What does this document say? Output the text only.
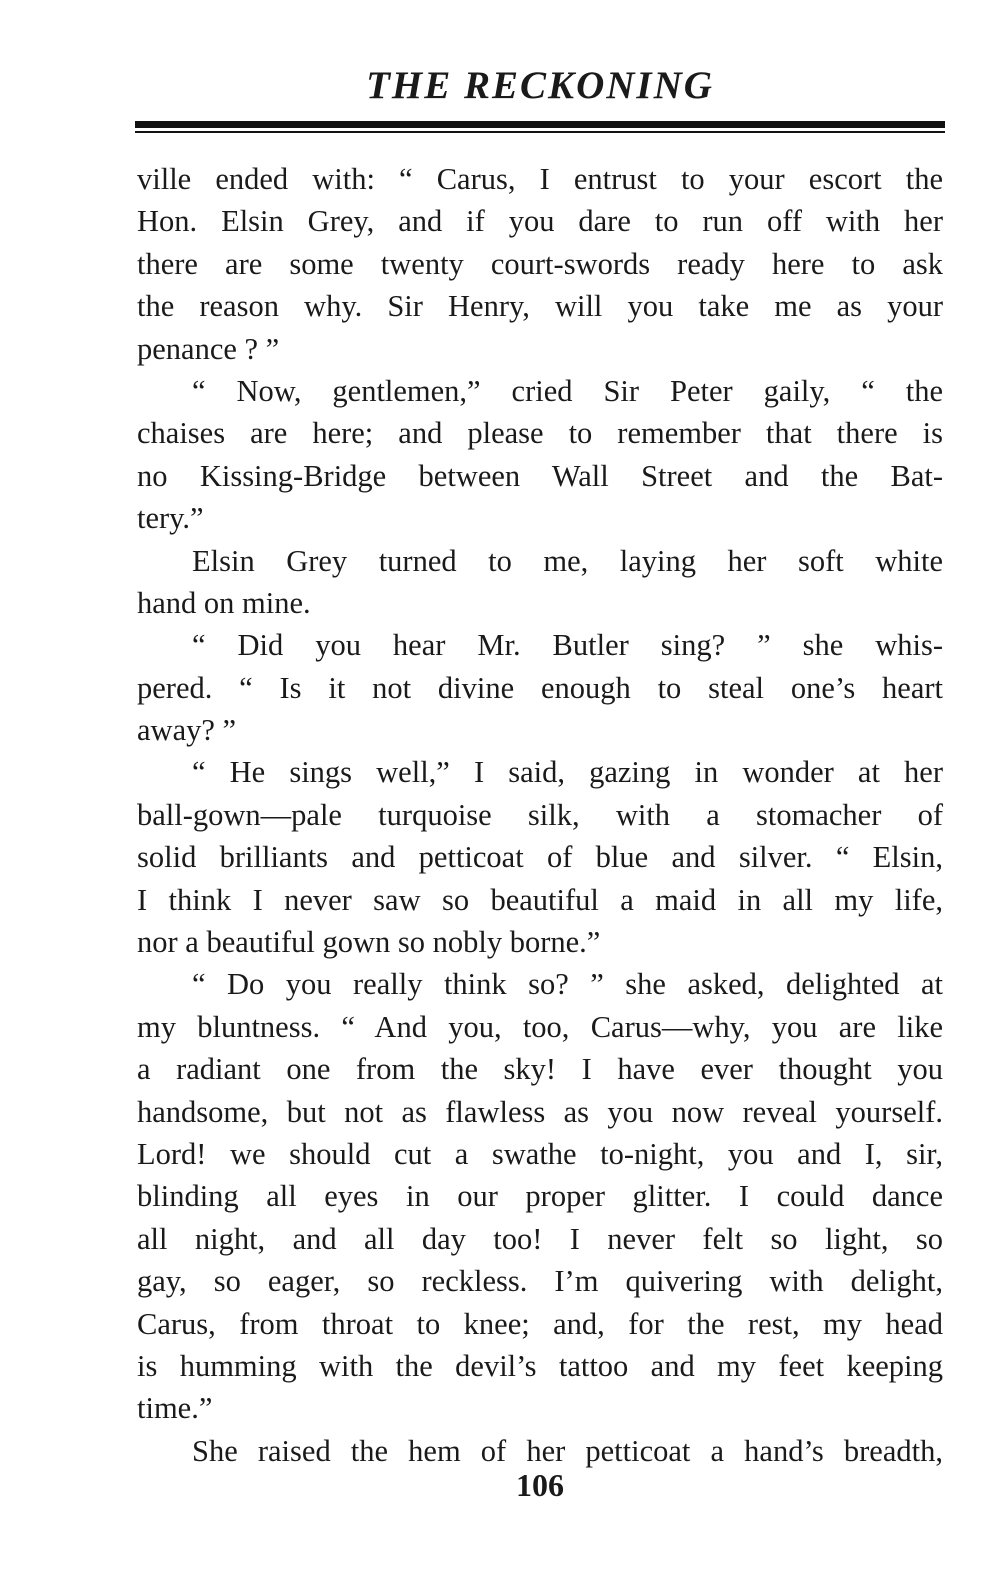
THE RECKONING
ville ended with: “ Carus, I entrust to your escort the
Hon. Elsin Grey, and if you dare to run off with her
there are some twenty court-swords ready here to ask
the reason why. Sir Henry, will you take me as your
penance ? ”
“ Now, gentlemen,” cried Sir Peter gaily, “ the
chaises are here; and please to remember that there is
no Kissing-Bridge between Wall Street and the Bat-
tery.”
Elsin Grey turned to me, laying her soft white
hand on mine.
“ Did you hear Mr. Butler sing? ” she whis-
pered. “ Is it not divine enough to steal one’s heart
away? ”
“ He sings well,” I said, gazing in wonder at her
ball-gown—pale turquoise silk, with a stomacher of
solid brilliants and petticoat of blue and silver. “ Elsin,
I think I never saw so beautiful a maid in all my life,
nor a beautiful gown so nobly borne.”
“ Do you really think so? ” she asked, delighted at
my bluntness. “ And you, too, Carus—why, you are like
a radiant one from the sky! I have ever thought you
handsome, but not as flawless as you now reveal yourself.
Lord! we should cut a swathe to-night, you and I, sir,
blinding all eyes in our proper glitter. I could dance
all night, and all day too! I never felt so light, so
gay, so eager, so reckless. I’m quivering with delight,
Carus, from throat to knee; and, for the rest, my head
is humming with the devil’s tattoo and my feet keeping
time.”
She raised the hem of her petticoat a hand’s breadth,
106
